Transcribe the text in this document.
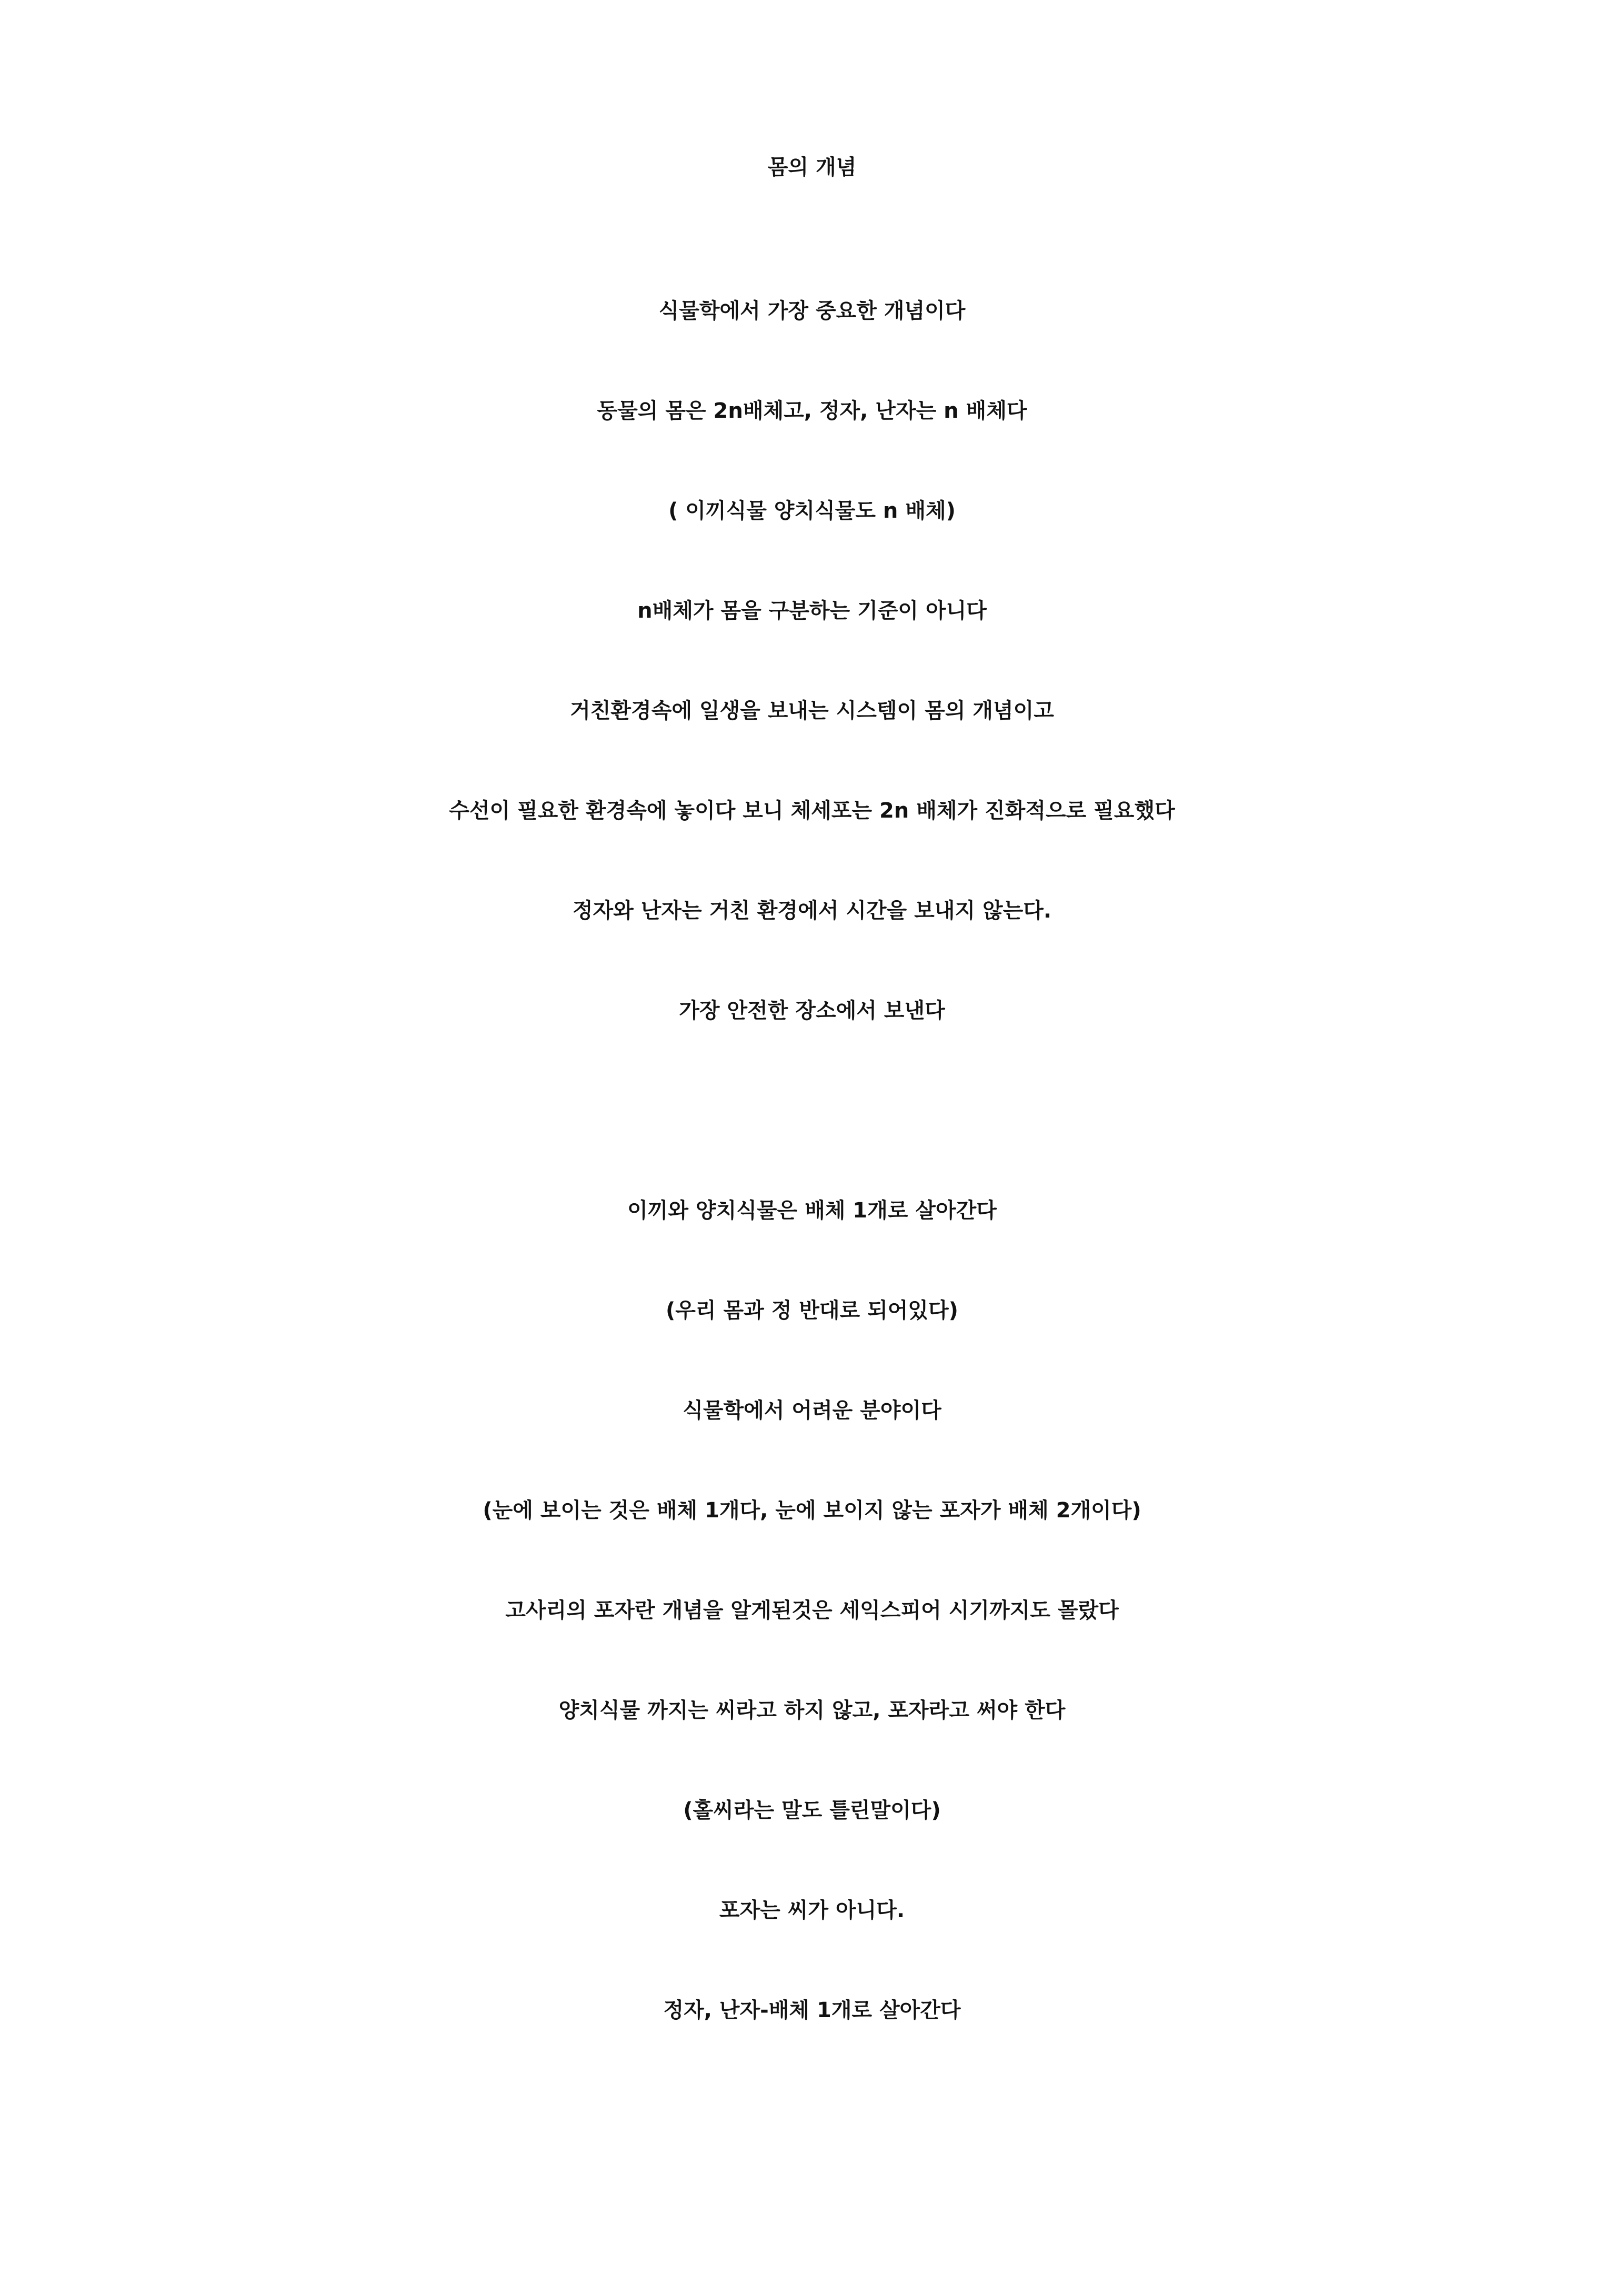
몸의 개념
식물학에서 가장 중요한 개념이다
동물의 몸은 2n배체고, 정자, 난자는 n 배체다
( 이끼식물 양치식물도 n 배체)
n배체가 몸을 구분하는 기준이 아니다
거친환경속에 일생을 보내는 시스템이 몸의 개념이고
수선이 필요한 환경속에 놓이다 보니 체세포는 2n 배체가 진화적으로 필요했다
정자와 난자는 거친 환경에서 시간을 보내지 않는다.
가장 안전한 장소에서 보낸다
이끼와 양치식물은 배체 1개로 살아간다
(우리 몸과 정 반대로 되어있다)
식물학에서 어려운 분야이다
(눈에 보이는 것은 배체 1개다, 눈에 보이지 않는 포자가 배체 2개이다)
고사리의 포자란 개념을 알게된것은 세익스피어 시기까지도 몰랐다
양치식물 까지는 씨라고 하지 않고, 포자라고 써야 한다
(홀씨라는 말도 틀린말이다)
포자는 씨가 아니다.
정자, 난자-배체 1개로 살아간다
